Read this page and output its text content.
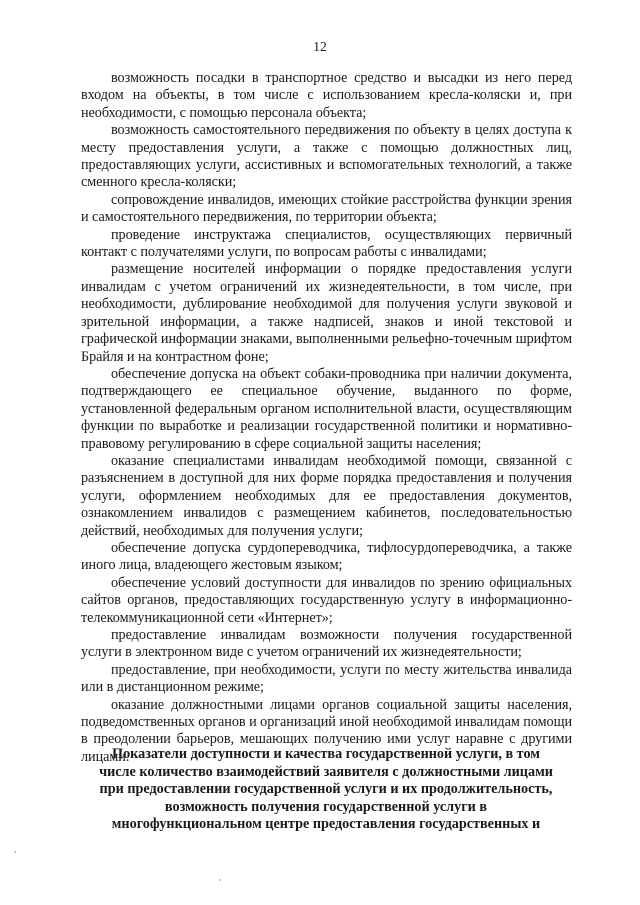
12

возможность посадки в транспортное средство и высадки из него перед входом на объекты, в том числе с использованием кресла-коляски и, при необходимости, с помощью персонала объекта;

возможность самостоятельного передвижения по объекту в целях доступа к месту предоставления услуги, а также с помощью должностных лиц, предоставляющих услуги, ассистивных и вспомогательных технологий, а также сменного кресла-коляски;

сопровождение инвалидов, имеющих стойкие расстройства функции зрения и самостоятельного передвижения, по территории объекта;

проведение инструктажа специалистов, осуществляющих первичный контакт с получателями услуги, по вопросам работы с инвалидами;

размещение носителей информации о порядке предоставления услуги инвалидам с учетом ограничений их жизнедеятельности, в том числе, при необходимости, дублирование необходимой для получения услуги звуковой и зрительной информации, а также надписей, знаков и иной текстовой и графической информации знаками, выполненными рельефно-точечным шрифтом Брайля и на контрастном фоне;

обеспечение допуска на объект собаки-проводника при наличии документа, подтверждающего ее специальное обучение, выданного по форме, установленной федеральным органом исполнительной власти, осуществляющим функции по выработке и реализации государственной политики и нормативно-правовому регулированию в сфере социальной защиты населения;

оказание специалистами инвалидам необходимой помощи, связанной с разъяснением в доступной для них форме порядка предоставления и получения услуги, оформлением необходимых для ее предоставления документов, ознакомлением инвалидов с размещением кабинетов, последовательностью действий, необходимых для получения услуги;

обеспечение допуска сурдопереводчика, тифлосурдопереводчика, а также иного лица, владеющего жестовым языком;

обеспечение условий доступности для инвалидов по зрению официальных сайтов органов, предоставляющих государственную услугу в информационно-телекоммуникационной сети «Интернет»;

предоставление инвалидам возможности получения государственной услуги в электронном виде с учетом ограничений их жизнедеятельности;

предоставление, при необходимости, услуги по месту жительства инвалида или в дистанционном режиме;

оказание должностными лицами органов социальной защиты населения, подведомственных органов и организаций иной необходимой инвалидам помощи в преодолении барьеров, мешающих получению ими услуг наравне с другими лицами.

Показатели доступности и качества государственной услуги, в том
числе количество взаимодействий заявителя с должностными лицами
при предоставлении государственной услуги и их продолжительность,
возможность получения государственной услуги в
многофункциональном центре предоставления государственных и
